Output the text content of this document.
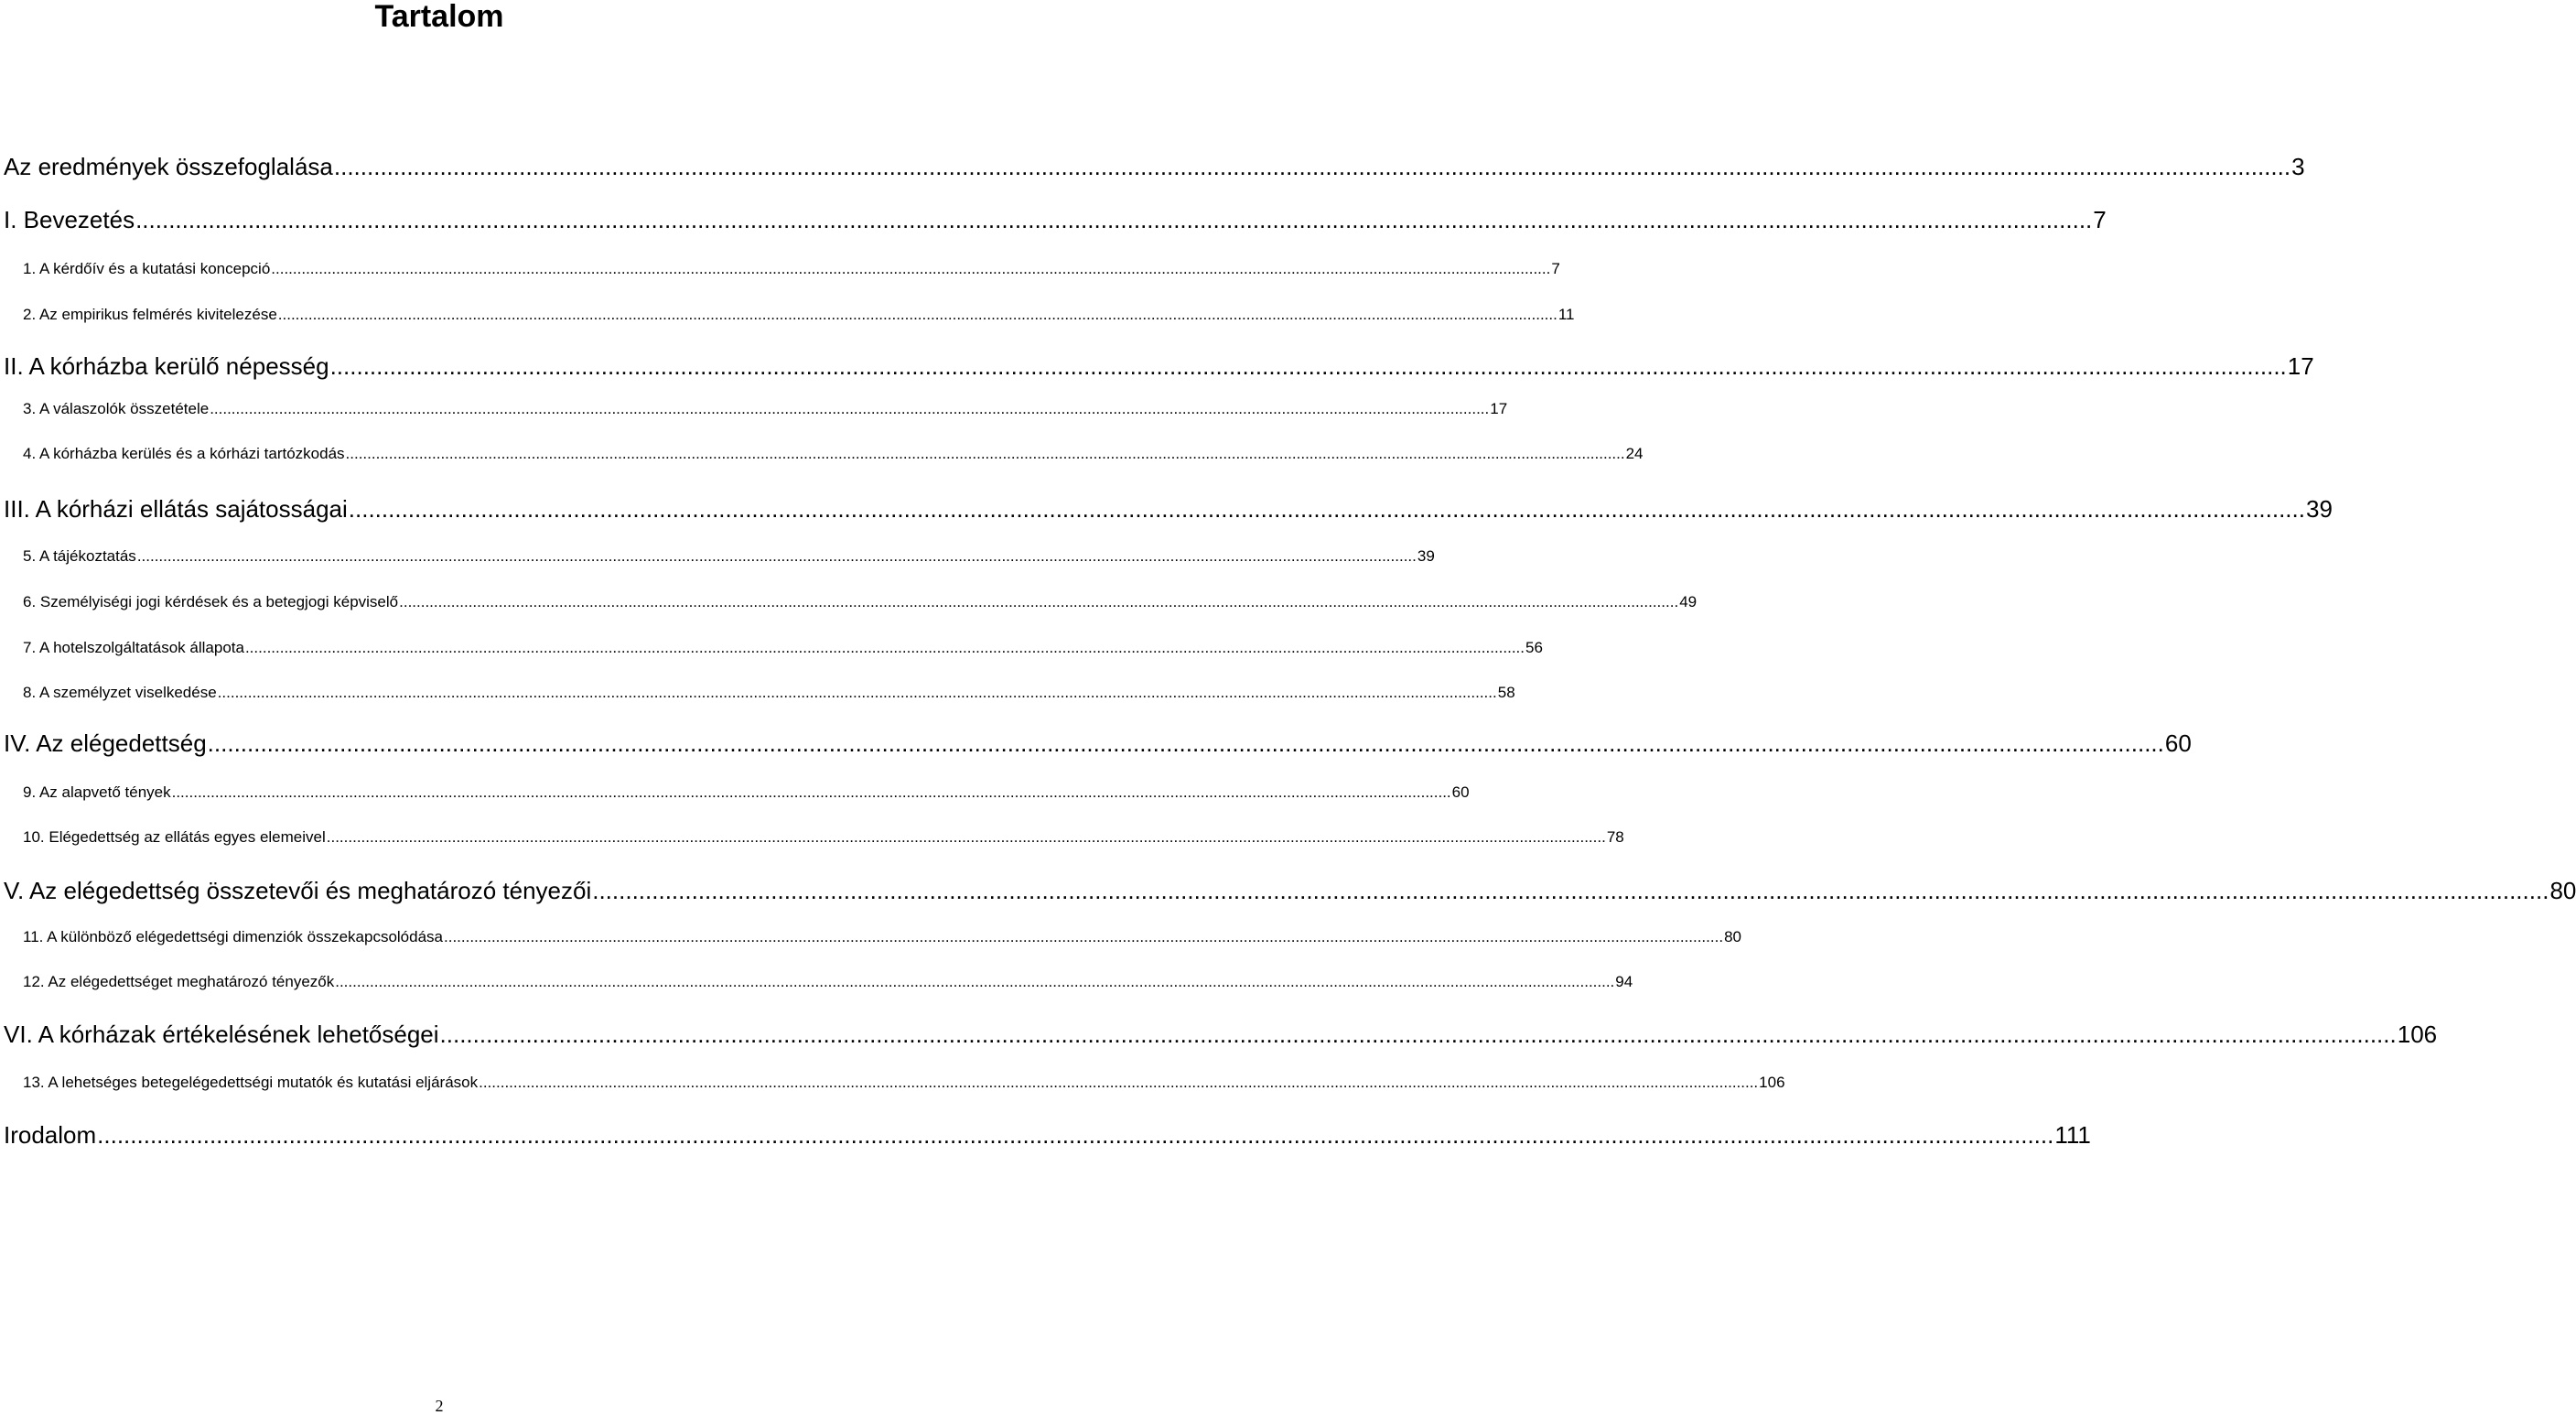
Tartalom
Az eredmények összefoglalása ........................................................................................................................................................................................................................................................................................................ 3
I. Bevezetés ........................................................................................................................................................................................................................................................................................................ 7
1. A kérdőív és a kutatási koncepció ........................................................................................................................................................................................................................................................................................................ 7
2. Az empirikus felmérés kivitelezése ........................................................................................................................................................................................................................................................................................................ 11
II. A kórházba kerülő népesség ........................................................................................................................................................................................................................................................................................................ 17
3. A válaszolók összetétele ........................................................................................................................................................................................................................................................................................................ 17
4. A kórházba kerülés és a kórházi tartózkodás ........................................................................................................................................................................................................................................................................................................ 24
III. A kórházi ellátás sajátosságai ........................................................................................................................................................................................................................................................................................................ 39
5. A tájékoztatás ........................................................................................................................................................................................................................................................................................................ 39
6. Személyiségi jogi kérdések és a betegjogi képviselő ........................................................................................................................................................................................................................................................................................................ 49
7. A hotelszolgáltatások állapota ........................................................................................................................................................................................................................................................................................................ 56
8. A személyzet viselkedése ........................................................................................................................................................................................................................................................................................................ 58
IV. Az elégedettség ........................................................................................................................................................................................................................................................................................................ 60
9. Az alapvető tények ........................................................................................................................................................................................................................................................................................................ 60
10. Elégedettség az ellátás egyes elemeivel ........................................................................................................................................................................................................................................................................................................ 78
V. Az elégedettség összetevői és meghatározó tényezői ........................................................................................................................................................................................................................................................................................................ 80
11. A különböző elégedettségi dimenziók összekapcsolódása ........................................................................................................................................................................................................................................................................................................ 80
12. Az elégedettséget meghatározó tényezők ........................................................................................................................................................................................................................................................................................................ 94
VI. A kórházak értékelésének lehetőségei ........................................................................................................................................................................................................................................................................................................ 106
13. A lehetséges betegelégedettségi mutatók és kutatási eljárások ........................................................................................................................................................................................................................................................................................................ 106
Irodalom ........................................................................................................................................................................................................................................................................................................ 111
2
